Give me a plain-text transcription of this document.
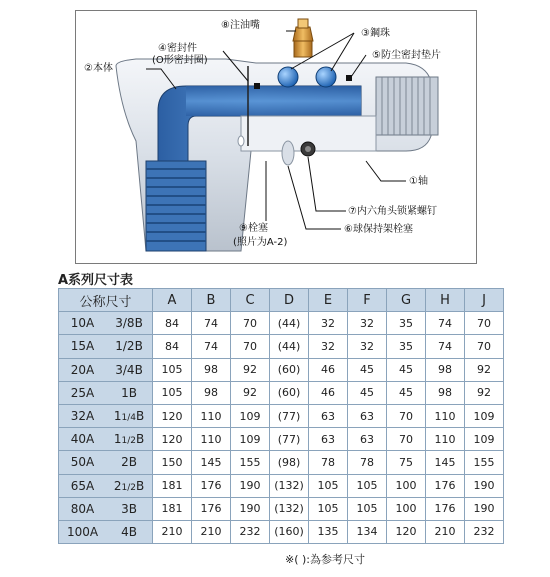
⑧注油嘴
③鋼珠
④密封件
(O形密封圈)	⑤防尘密封垫片
②本体
①轴
⑦内六角头锁紧螺钉
⑨栓塞	⑥球保持架栓塞
(照片为A-2)
A系列尺寸表
公称尺寸		A	B	C	D	E	F	G	H	J
10A	3/8B	84	74	70	(44)	32	32	35	74	70
15A	1/2B	84	74	70	(44)	32	32	35	74	70
20A	3/4B	105	98	92	(60)	46	45	45	98	92
25A	1B	105	98	92	(60)	46	45	45	98	92
32A	11/4B	120	110	109	(77)	63	63	70	110	109
40A	11/2B	120	110	109	(77)	63	63	70	110	109
50A	2B	150	145	155	(98)	78	78	75	145	155
65A	21/2B	181	176	190	(132)	105	105	100	176	190
80A	3B	181	176	190	(132)	105	105	100	176	190
100A	4B	210	210	232	(160)	135	134	120	210	232
※( ):為参考尺寸
